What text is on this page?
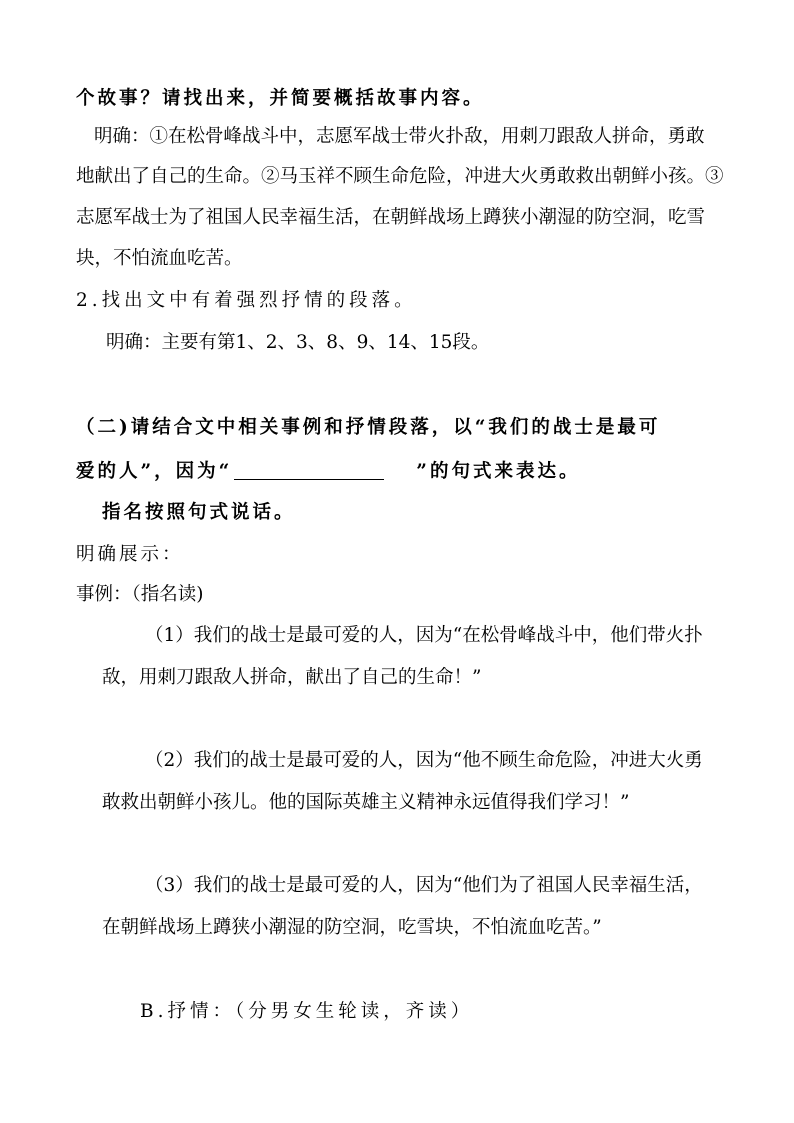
个故事？请找出来，并简要概括故事内容。
明确：①在松骨峰战斗中，志愿军战士带火扑敌，用刺刀跟敌人拼命，勇敢
地献出了自己的生命。②马玉祥不顾生命危险，冲进大火勇敢救出朝鲜小孩。③
志愿军战士为了祖国人民幸福生活，在朝鲜战场上蹲狭小潮湿的防空洞，吃雪
块，不怕流血吃苦。
2.找出文中有着强烈抒情的段落。
明确：主要有第1、2、3、8、9、14、15段。
（二)请结合文中相关事例和抒情段落，以“我们的战士是最可
爱的人”，因为“	”的句式来表达。
指名按照句式说话。
明确展示：
事例：（指名读)
（1）我们的战士是最可爱的人，因为“在松骨峰战斗中，他们带火扑
敌，用刺刀跟敌人拼命，献出了自己的生命！”
（2）我们的战士是最可爱的人，因为“他不顾生命危险，冲进大火勇
敢救出朝鲜小孩儿。他的国际英雄主义精神永远值得我们学习！”
（3）我们的战士是最可爱的人，因为“他们为了祖国人民幸福生活，
在朝鲜战场上蹲狭小潮湿的防空洞，吃雪块，不怕流血吃苦。”
B.抒情：（分男女生轮读，齐读）
